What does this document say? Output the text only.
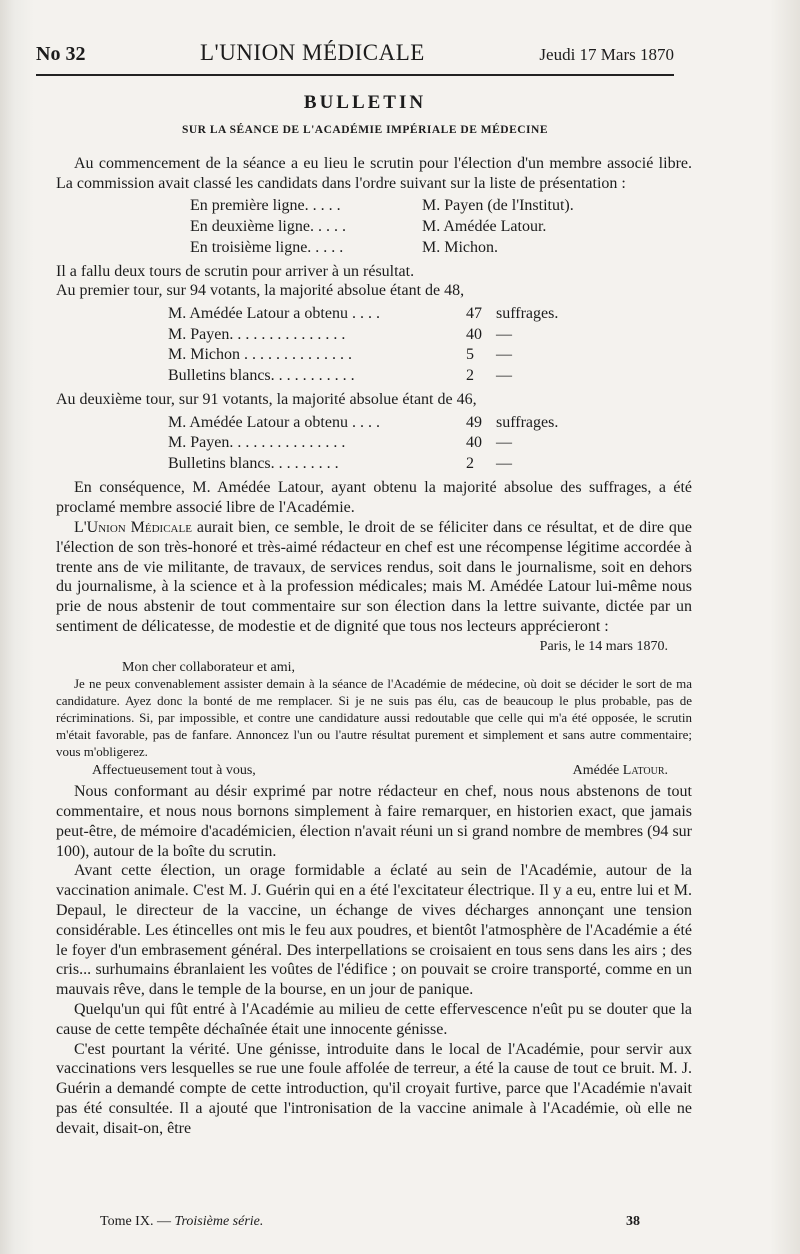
No 32	L'UNION MÉDICALE	Jeudi 17 Mars 1870
BULLETIN
SUR LA SÉANCE DE L'ACADÉMIE IMPÉRIALE DE MÉDECINE

Au commencement de la séance a eu lieu le scrutin pour l'élection d'un membre associé libre. La commission avait classé les candidats dans l'ordre suivant sur la liste de présentation :

En première ligne. . . . .	M. Payen (de l'Institut).
En deuxième ligne. . . . .	M. Amédée Latour.
En troisième ligne. . . . .	M. Michon.

Il a fallu deux tours de scrutin pour arriver à un résultat.

Au premier tour, sur 94 votants, la majorité absolue étant de 48,

M. Amédée Latour a obtenu . . . .	47	suffrages.
M. Payen. . . . . . . . . . . . . . .	40	—
M. Michon . . . . . . . . . . . . . .	5	—
Bulletins blancs. . . . . . . . . . .	2	—

Au deuxième tour, sur 91 votants, la majorité absolue étant de 46,

M. Amédée Latour a obtenu . . . .	49	suffrages.
M. Payen. . . . . . . . . . . . . . .	40	—
Bulletins blancs. . . . . . . . .	2	—

En conséquence, M. Amédée Latour, ayant obtenu la majorité absolue des suffrages, a été proclamé membre associé libre de l'Académie.

L'Union Médicale aurait bien, ce semble, le droit de se féliciter dans ce résultat, et de dire que l'élection de son très-honoré et très-aimé rédacteur en chef est une récompense légitime accordée à trente ans de vie militante, de travaux, de services rendus, soit dans le journalisme, soit en dehors du journalisme, à la science et à la profession médicales; mais M. Amédée Latour lui-même nous prie de nous abstenir de tout commentaire sur son élection dans la lettre suivante, dictée par un sentiment de délicatesse, de modestie et de dignité que tous nos lecteurs apprécieront :

Paris, le 14 mars 1870.
Mon cher collaborateur et ami,

Je ne peux convenablement assister demain à la séance de l'Académie de médecine, où doit se décider le sort de ma candidature. Ayez donc la bonté de me remplacer. Si je ne suis pas élu, cas de beaucoup le plus probable, pas de récriminations. Si, par impossible, et contre une candidature aussi redoutable que celle qui m'a été opposée, le scrutin m'était favorable, pas de fanfare. Annoncez l'un ou l'autre résultat purement et simplement et sans autre commentaire; vous m'obligerez.

Affectueusement tout à vous,	Amédée Latour.

Nous conformant au désir exprimé par notre rédacteur en chef, nous nous abstenons de tout commentaire, et nous nous bornons simplement à faire remarquer, en historien exact, que jamais peut-être, de mémoire d'académicien, élection n'avait réuni un si grand nombre de membres (94 sur 100), autour de la boîte du scrutin.

Avant cette élection, un orage formidable a éclaté au sein de l'Académie, autour de la vaccination animale. C'est M. J. Guérin qui en a été l'excitateur électrique. Il y a eu, entre lui et M. Depaul, le directeur de la vaccine, un échange de vives décharges annonçant une tension considérable. Les étincelles ont mis le feu aux poudres, et bientôt l'atmosphère de l'Académie a été le foyer d'un embrasement général. Des interpellations se croisaient en tous sens dans les airs ; des cris... surhumains ébranlaient les voûtes de l'édifice ; on pouvait se croire transporté, comme en un mauvais rêve, dans le temple de la bourse, en un jour de panique.

Quelqu'un qui fût entré à l'Académie au milieu de cette effervescence n'eût pu se douter que la cause de cette tempête déchaînée était une innocente génisse.

C'est pourtant la vérité. Une génisse, introduite dans le local de l'Académie, pour servir aux vaccinations vers lesquelles se rue une foule affolée de terreur, a été la cause de tout ce bruit. M. J. Guérin a demandé compte de cette introduction, qu'il croyait furtive, parce que l'Académie n'avait pas été consultée. Il a ajouté que l'intronisation de la vaccine animale à l'Académie, où elle ne devait, disait-on, être

Tome IX. — Troisième série.	38
